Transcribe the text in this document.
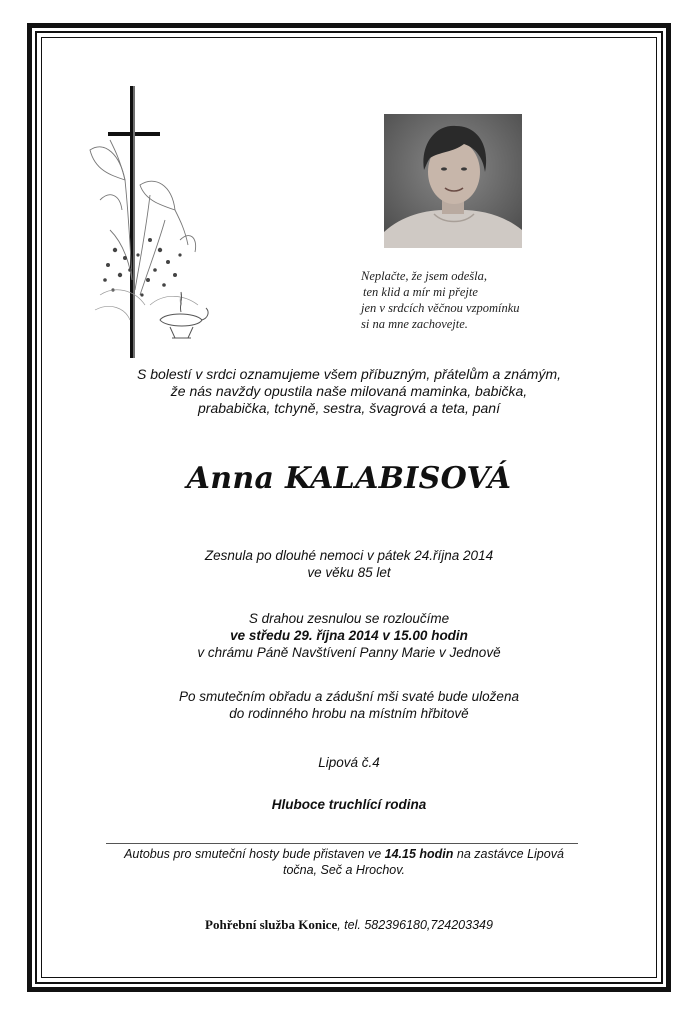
Neplačte, že jsem odešla,
ten klid a mír mi přejte
jen v srdcích věčnou vzpomínku
si na mne zachovejte.
S bolestí v srdci oznamujeme všem příbuzným, přátelům a známým,
že nás navždy opustila naše milovaná maminka, babička,
prababička, tchyně, sestra, švagrová a teta, paní
Anna KALABISOVÁ
Zesnula po dlouhé nemoci v pátek 24.října 2014
ve věku 85 let
S drahou zesnulou se rozloučíme
ve středu 29. října 2014 v 15.00 hodin
v chrámu Páně Navštívení Panny Marie v Jednově
Po smutečním obřadu a zádušní mši svaté bude uložena
do rodinného hrobu na místním hřbitově
Lipová č.4
Hluboce truchlící rodina
Autobus pro smuteční hosty bude přistaven ve 14.15 hodin na zastávce Lipová
točna, Seč a Hrochov.
Pohřební služba Konice, tel. 582396180,724203349
